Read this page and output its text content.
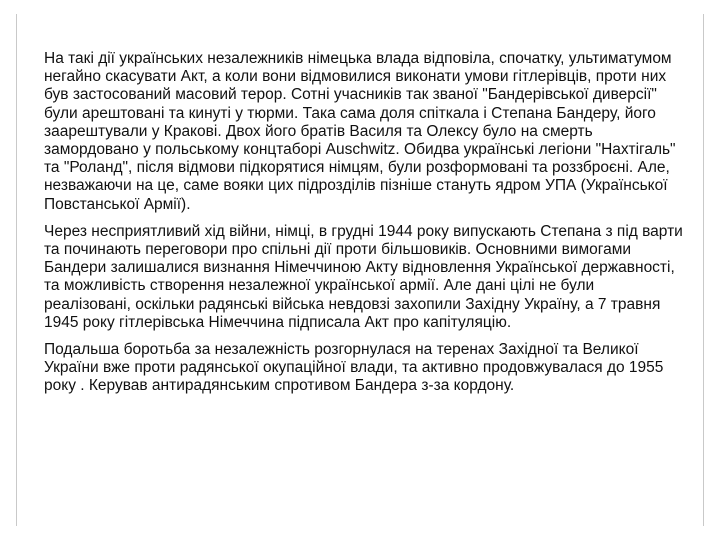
На такі дії українських незалежників німецька влада відповіла, спочатку, ультиматумом негайно скасувати Акт, а коли вони відмовилися виконати умови гітлерівців, проти них був застосований масовий терор. Сотні учасників так званої "Бандерівської диверсії" були арештовані та кинуті у тюрми. Така сама доля спіткала і Степана Бандеру, його заарештували у Кракові. Двох його братів Василя та Олексу було на смерть замордовано у польському концтаборі Auschwitz. Обидва українські легіони "Нахтігаль" та "Роланд", після відмови підкорятися німцям, були розформовані та роззброєні. Але, незважаючи на це, саме вояки цих підрозділів пізніше стануть ядром УПА (Української Повстанської Армії).

Через несприятливий хід війни, німці, в грудні 1944 року випускають Степана з під варти та починають переговори про спільні дії проти більшовиків. Основними вимогами Бандери залишалися визнання Німеччиною Акту відновлення Української державності, та можливість створення незалежної української армії. Але дані цілі не були реалізовані, оскільки радянські війська невдовзі захопили Західну Україну, а 7 травня 1945 року гітлерівська Німеччина підписала Акт про капітуляцію.

Подальша боротьба за незалежність розгорнулася на теренах Західної та Великої України вже проти радянської окупаційної влади, та активно продовжувалася до 1955 року . Керував антирадянським спротивом Бандера з-за кордону.
